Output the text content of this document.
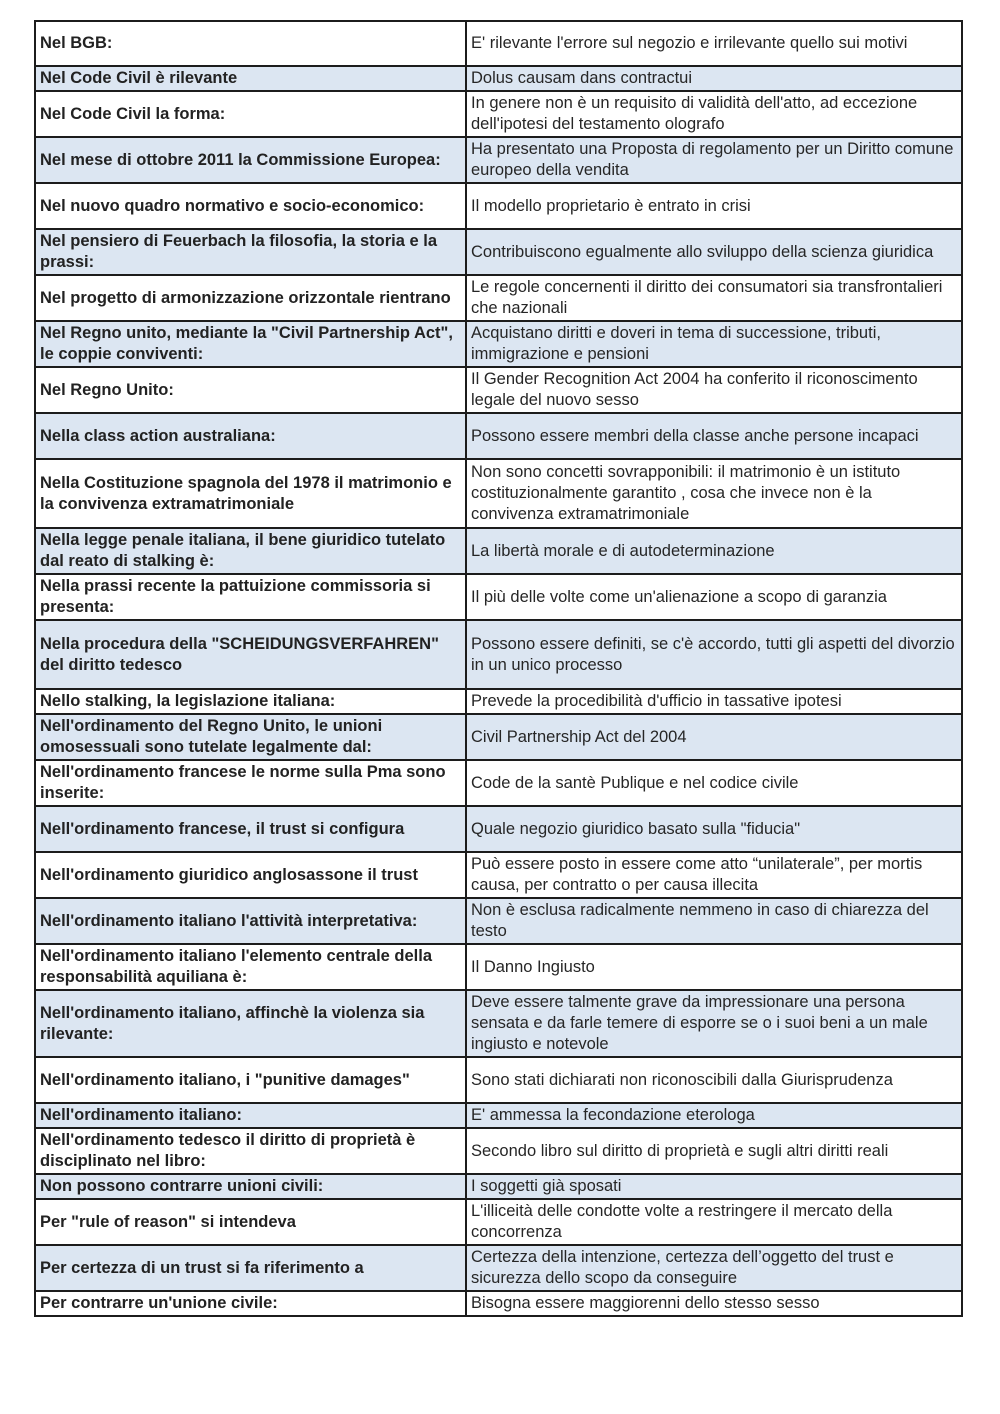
Nel BGB:	E' rilevante l'errore sul negozio e irrilevante quello sui motivi
Nel Code Civil è rilevante	Dolus causam dans contractui
Nel Code Civil la forma:	In genere non è un requisito di validità dell'atto, ad eccezione dell'ipotesi del testamento olografo
Nel mese di ottobre 2011 la Commissione Europea:	Ha presentato una Proposta di regolamento per un Diritto comune europeo della vendita
Nel nuovo quadro normativo e socio-economico:	Il modello proprietario è entrato in crisi
Nel pensiero di Feuerbach la filosofia, la storia e la prassi:	Contribuiscono egualmente allo sviluppo della scienza giuridica
Nel progetto di armonizzazione orizzontale rientrano	Le regole concernenti il diritto dei consumatori sia transfrontalieri che nazionali
Nel Regno unito, mediante la "Civil Partnership Act", le coppie conviventi:	Acquistano diritti e doveri in tema di successione, tributi, immigrazione e pensioni
Nel Regno Unito:	Il Gender Recognition Act 2004 ha conferito il riconoscimento legale del nuovo sesso
Nella class action australiana:	Possono essere membri della classe anche persone incapaci
Nella Costituzione spagnola del 1978 il matrimonio e la convivenza extramatrimoniale	Non sono concetti sovrapponibili: il matrimonio è un istituto costituzionalmente garantito , cosa che invece non è la convivenza extramatrimoniale
Nella legge penale italiana, il bene giuridico tutelato dal reato di stalking è:	La libertà morale e di autodeterminazione
Nella prassi recente la pattuizione commissoria si presenta:	Il più delle volte come un'alienazione a scopo di garanzia
Nella procedura della "SCHEIDUNGSVERFAHREN" del diritto tedesco	Possono essere definiti, se c'è accordo, tutti gli aspetti del divorzio in un unico processo
Nello stalking, la legislazione italiana:	Prevede la procedibilità d'ufficio in tassative ipotesi
Nell'ordinamento del Regno Unito, le unioni omosessuali sono tutelate legalmente dal:	Civil Partnership Act del 2004
Nell'ordinamento francese le norme sulla Pma sono inserite:	Code de la santè Publique e nel codice civile
Nell'ordinamento francese, il trust si configura	Quale negozio giuridico basato sulla "fiducia"
Nell'ordinamento giuridico anglosassone il trust	Può essere posto in essere come atto “unilaterale”, per mortis causa, per contratto o per causa illecita
Nell'ordinamento italiano l'attività interpretativa:	Non è esclusa radicalmente nemmeno in caso di chiarezza del testo
Nell'ordinamento italiano l'elemento centrale della responsabilità aquiliana è:	Il Danno Ingiusto
Nell'ordinamento italiano, affinchè la violenza sia rilevante:	Deve essere talmente grave da impressionare una persona sensata e da farle temere di esporre se o i suoi beni a un male ingiusto e notevole
Nell'ordinamento italiano, i "punitive damages"	Sono stati dichiarati non riconoscibili dalla Giurisprudenza
Nell'ordinamento italiano:	E' ammessa la fecondazione eterologa
Nell'ordinamento tedesco il diritto di proprietà è disciplinato nel libro:	Secondo libro sul diritto di proprietà e sugli altri diritti reali
Non possono contrarre unioni civili:	I soggetti già sposati
Per "rule of reason" si intendeva	L'illiceità delle condotte volte a restringere il mercato della concorrenza
Per certezza di un trust si fa riferimento a	Certezza della intenzione, certezza dell’oggetto del trust e sicurezza dello scopo da conseguire
Per contrarre un'unione civile:	Bisogna essere maggiorenni dello stesso sesso
